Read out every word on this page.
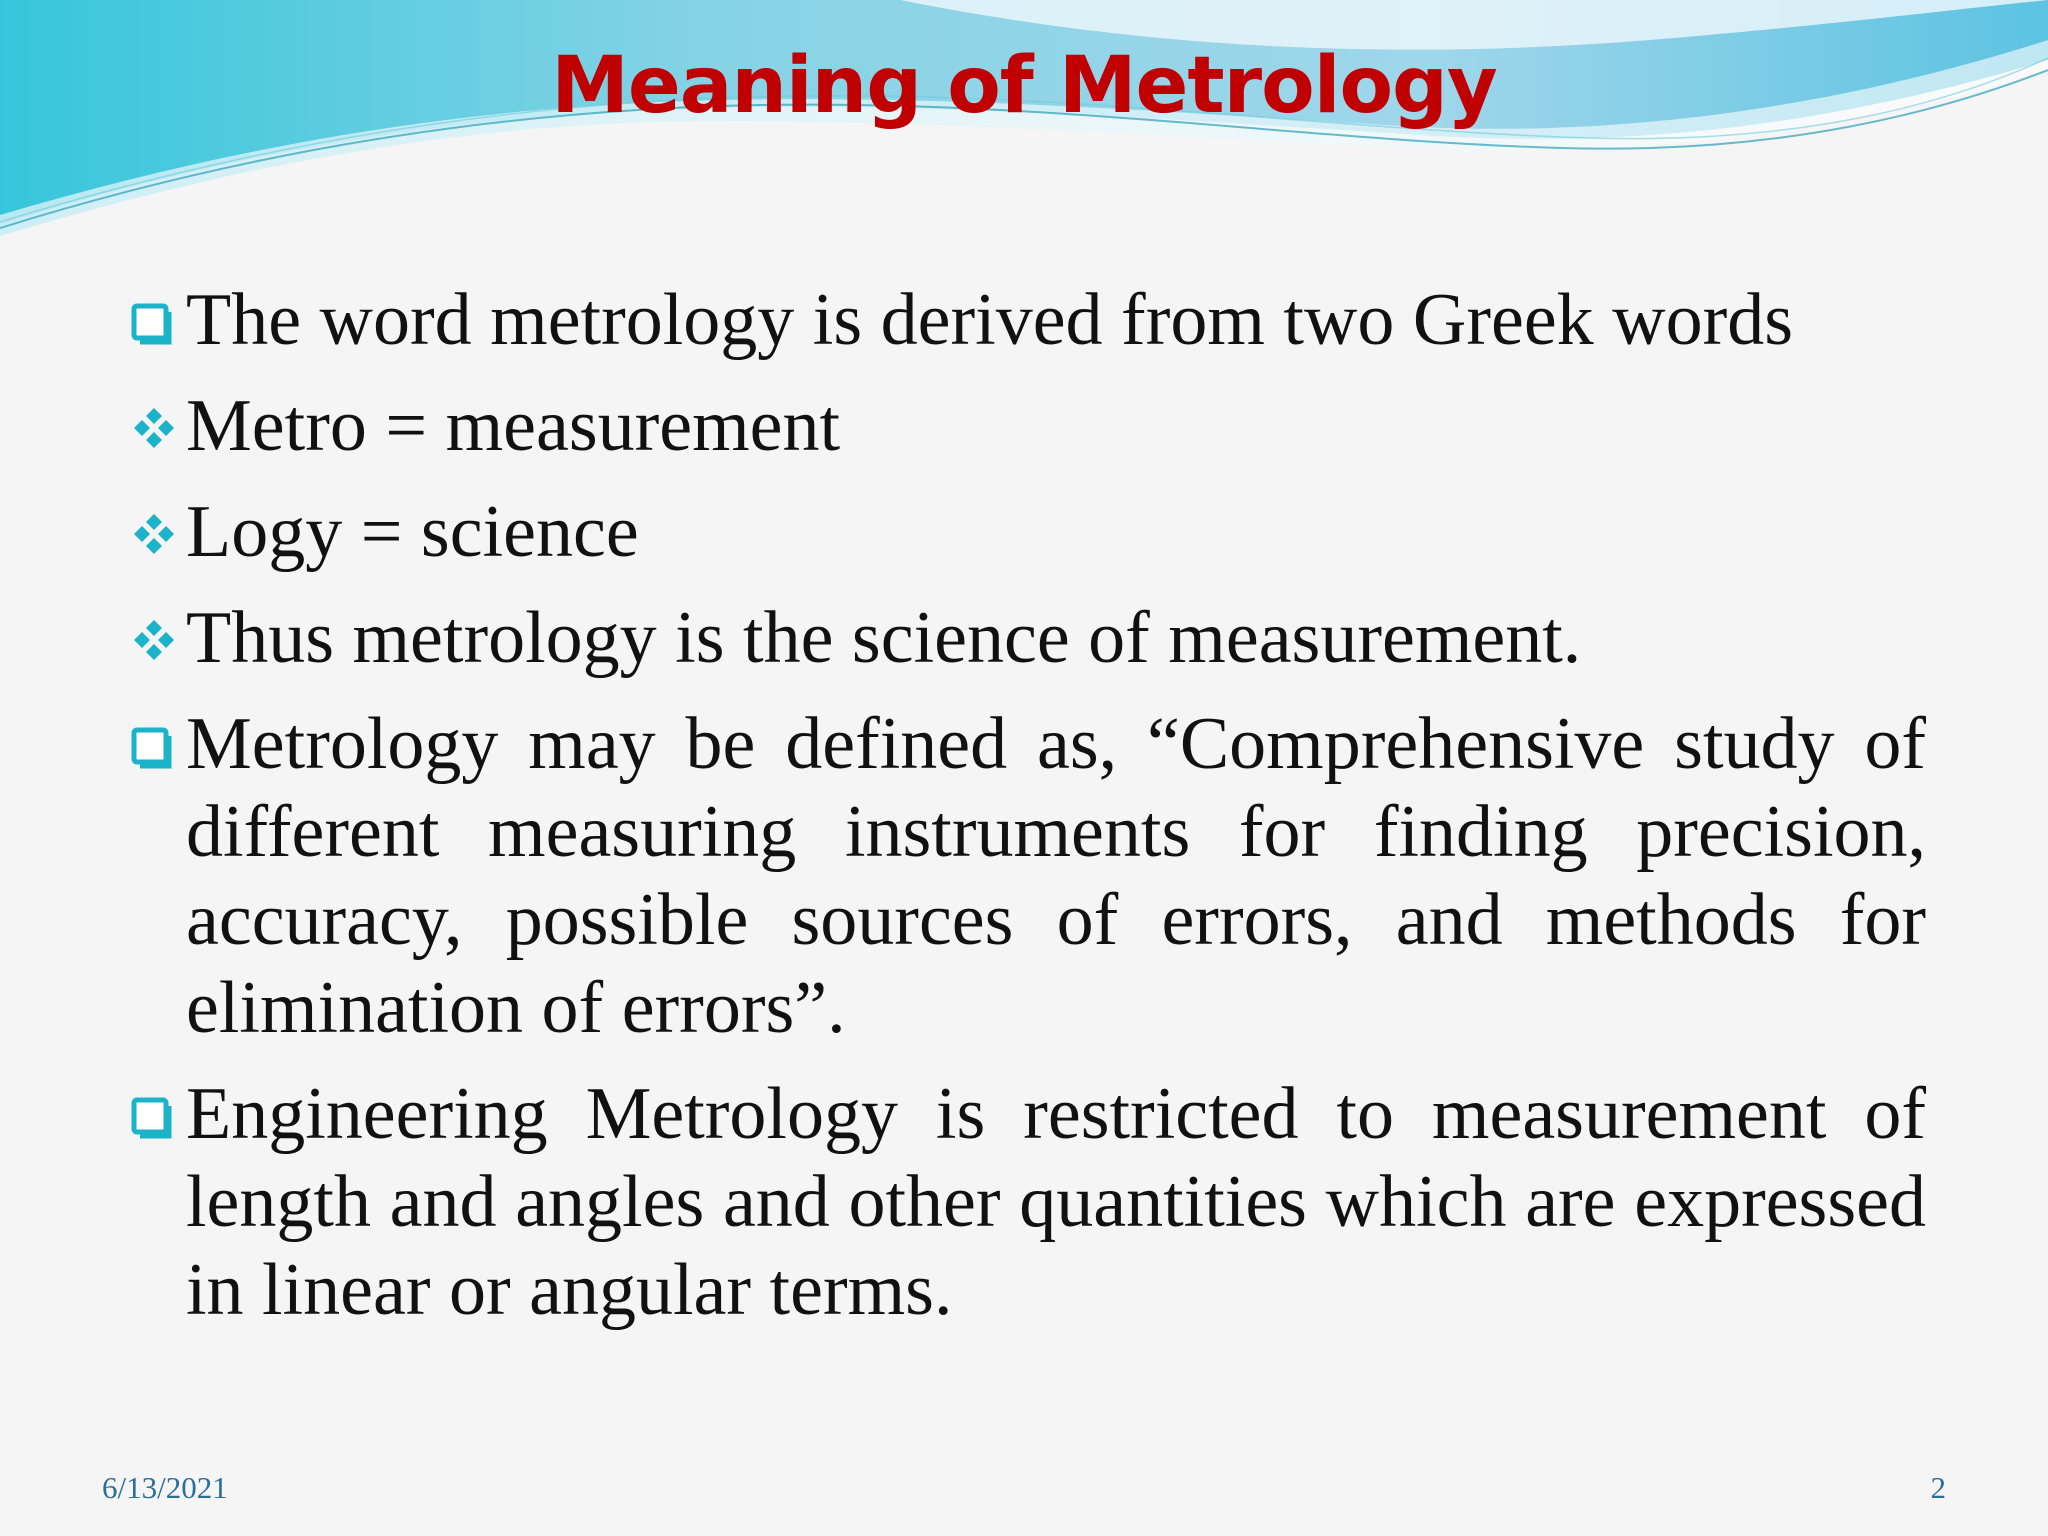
Meaning of Metrology
The word metrology is derived from two Greek words
Metro = measurement
Logy = science
Thus metrology is the science of measurement.
Metrology may be defined as, “Comprehensive study of different measuring instruments for finding precision, accuracy, possible sources of errors, and methods for elimination of errors”.
Engineering Metrology is restricted to measurement of length and angles and other quantities which are expressed in linear or angular terms.
6/13/2021	2
